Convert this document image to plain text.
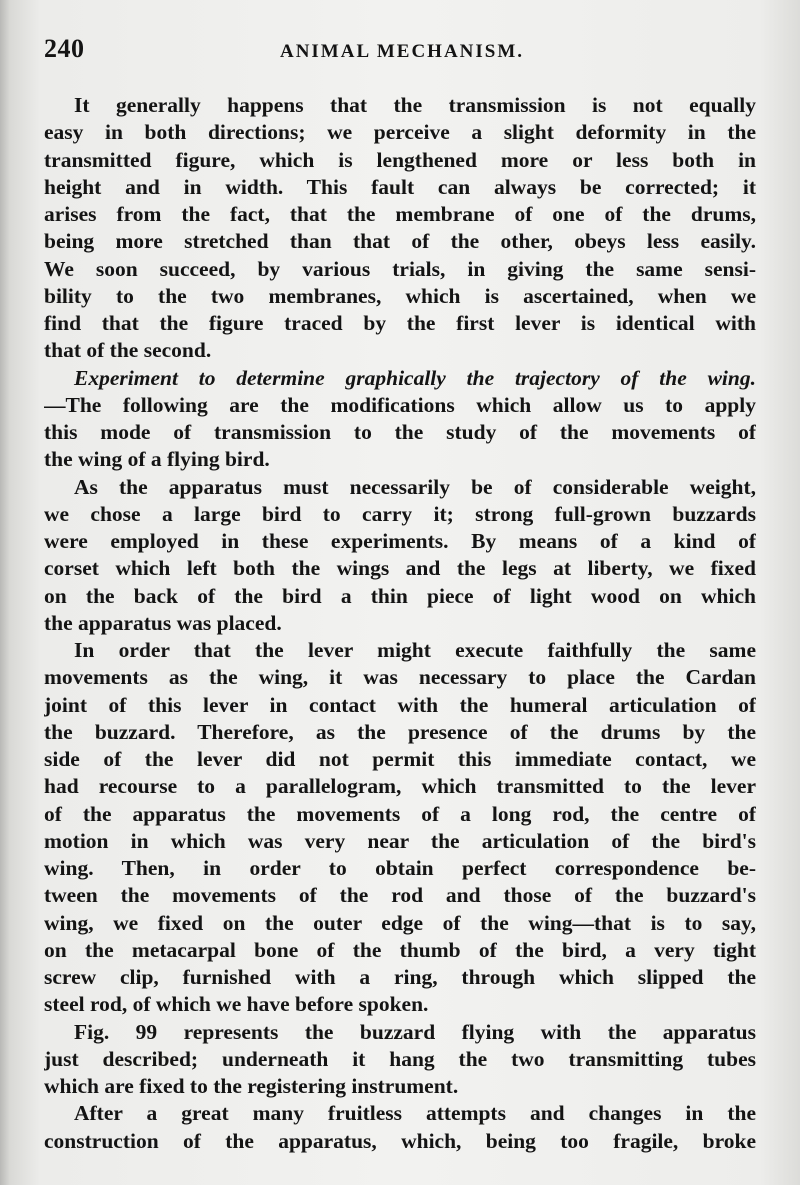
240	ANIMAL MECHANISM.
It generally happens that the transmission is not equally
easy in both directions; we perceive a slight deformity in the
transmitted figure, which is lengthened more or less both in
height and in width. This fault can always be corrected; it
arises from the fact, that the membrane of one of the drums,
being more stretched than that of the other, obeys less easily.
We soon succeed, by various trials, in giving the same sensi-
bility to the two membranes, which is ascertained, when we
find that the figure traced by the first lever is identical with
that of the second.
Experiment to determine graphically the trajectory of the wing.
—The following are the modifications which allow us to apply
this mode of transmission to the study of the movements of
the wing of a flying bird.
As the apparatus must necessarily be of considerable weight,
we chose a large bird to carry it; strong full-grown buzzards
were employed in these experiments. By means of a kind of
corset which left both the wings and the legs at liberty, we fixed
on the back of the bird a thin piece of light wood on which
the apparatus was placed.
In order that the lever might execute faithfully the same
movements as the wing, it was necessary to place the Cardan
joint of this lever in contact with the humeral articulation of
the buzzard. Therefore, as the presence of the drums by the
side of the lever did not permit this immediate contact, we
had recourse to a parallelogram, which transmitted to the lever
of the apparatus the movements of a long rod, the centre of
motion in which was very near the articulation of the bird's
wing. Then, in order to obtain perfect correspondence be-
tween the movements of the rod and those of the buzzard's
wing, we fixed on the outer edge of the wing—that is to say,
on the metacarpal bone of the thumb of the bird, a very tight
screw clip, furnished with a ring, through which slipped the
steel rod, of which we have before spoken.
Fig. 99 represents the buzzard flying with the apparatus
just described; underneath it hang the two transmitting tubes
which are fixed to the registering instrument.
After a great many fruitless attempts and changes in the
construction of the apparatus, which, being too fragile, broke
